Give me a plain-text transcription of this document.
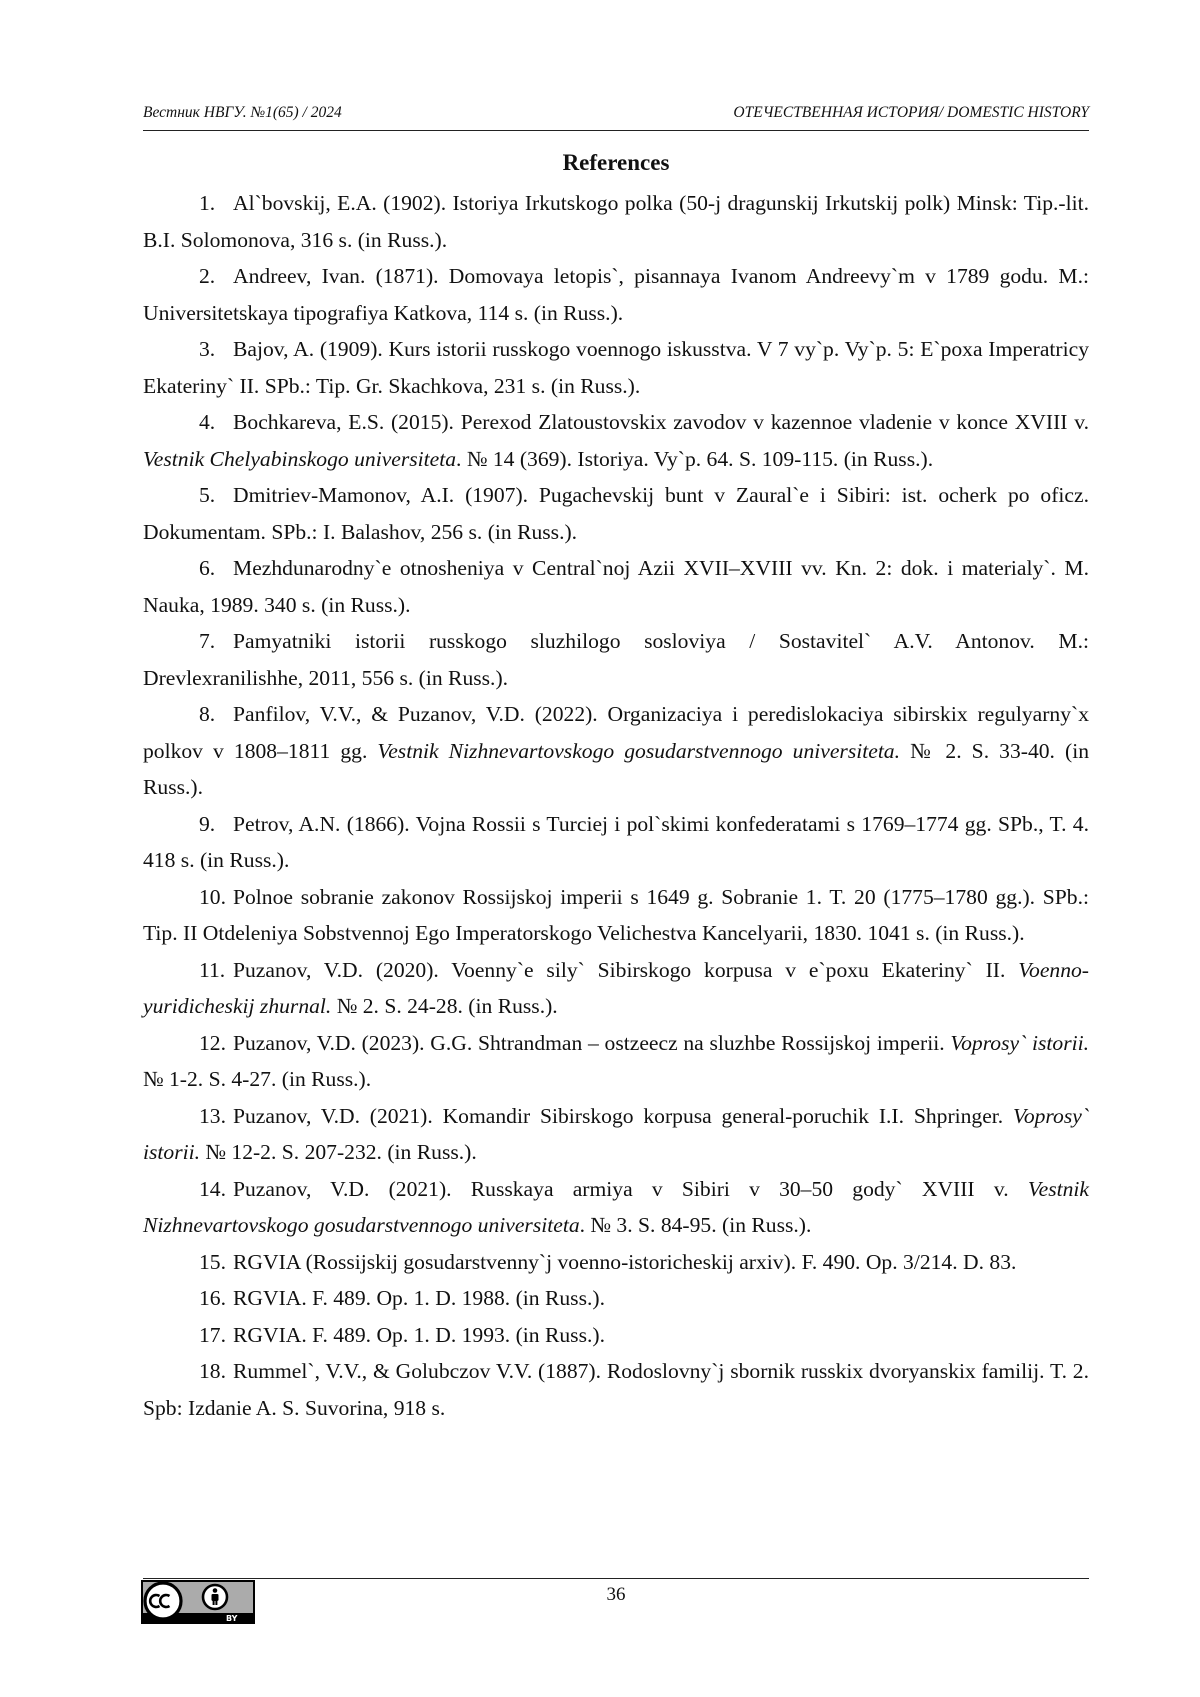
Вестник НВГУ. №1(65) / 2024	ОТЕЧЕСТВЕННАЯ ИСТОРИЯ/ DOMESTIC HISTORY
References
1. Al`bovskij, E.A. (1902). Istoriya Irkutskogo polka (50-j dragunskij Irkutskij polk) Minsk: Tip.-lit. B.I. Solomonova, 316 s. (in Russ.).
2. Andreev, Ivan. (1871). Domovaya letopis`, pisannaya Ivanom Andreevy`m v 1789 godu. M.: Universitetskaya tipografiya Katkova, 114 s. (in Russ.).
3. Bajov, A. (1909). Kurs istorii russkogo voennogo iskusstva. V 7 vy`p. Vy`p. 5: E`poxa Imperatricy Ekateriny` II. SPb.: Tip. Gr. Skachkova, 231 s. (in Russ.).
4. Bochkareva, E.S. (2015). Perexod Zlatoustovskix zavodov v kazennoe vladenie v konce XVIII v. Vestnik Chelyabinskogo universiteta. № 14 (369). Istoriya. Vy`p. 64. S. 109-115. (in Russ.).
5. Dmitriev-Mamonov, A.I. (1907). Pugachevskij bunt v Zaural`e i Sibiri: ist. ocherk po oficz. Dokumentam. SPb.: I. Balashov, 256 s. (in Russ.).
6. Mezhdunarodny`e otnosheniya v Central`noj Azii XVII–XVIII vv. Kn. 2: dok. i materialy`. M. Nauka, 1989. 340 s. (in Russ.).
7. Pamyatniki istorii russkogo sluzhilogo sosloviya / Sostavitel` A.V. Antonov. M.: Drevlexranilishhe, 2011, 556 s. (in Russ.).
8. Panfilov, V.V., & Puzanov, V.D. (2022). Organizaciya i peredislokaciya sibirskix regulyarny`x polkov v 1808–1811 gg. Vestnik Nizhnevartovskogo gosudarstvennogo universiteta. № 2. S. 33-40. (in Russ.).
9. Petrov, A.N. (1866). Vojna Rossii s Turciej i pol`skimi konfederatami s 1769–1774 gg. SPb., T. 4. 418 s. (in Russ.).
10. Polnoe sobranie zakonov Rossijskoj imperii s 1649 g. Sobranie 1. T. 20 (1775–1780 gg.). SPb.: Tip. II Otdeleniya Sobstvennoj Ego Imperatorskogo Velichestva Kancelyarii, 1830. 1041 s. (in Russ.).
11. Puzanov, V.D. (2020). Voenny`e sily` Sibirskogo korpusa v e`poxu Ekateriny` II. Voenno-yuridicheskij zhurnal. № 2. S. 24-28. (in Russ.).
12. Puzanov, V.D. (2023). G.G. Shtrandman – ostzeecz na sluzhbe Rossijskoj imperii. Voprosy` istorii. № 1-2. S. 4-27. (in Russ.).
13. Puzanov, V.D. (2021). Komandir Sibirskogo korpusa general-poruchik I.I. Shpringer. Voprosy` istorii. № 12-2. S. 207-232. (in Russ.).
14. Puzanov, V.D. (2021). Russkaya armiya v Sibiri v 30–50 gody` XVIII v. Vestnik Nizhnevartovskogo gosudarstvennogo universiteta. № 3. S. 84-95. (in Russ.).
15. RGVIA (Rossijskij gosudarstvenny`j voenno-istoricheskij arxiv). F. 490. Op. 3/214. D. 83.
16. RGVIA. F. 489. Op. 1. D. 1988. (in Russ.).
17. RGVIA. F. 489. Op. 1. D. 1993. (in Russ.).
18. Rummel`, V.V., & Golubczov V.V. (1887). Rodoslovny`j sbornik russkix dvoryanskix familij. T. 2. Spb: Izdanie A. S. Suvorina, 918 s.
BY
36
